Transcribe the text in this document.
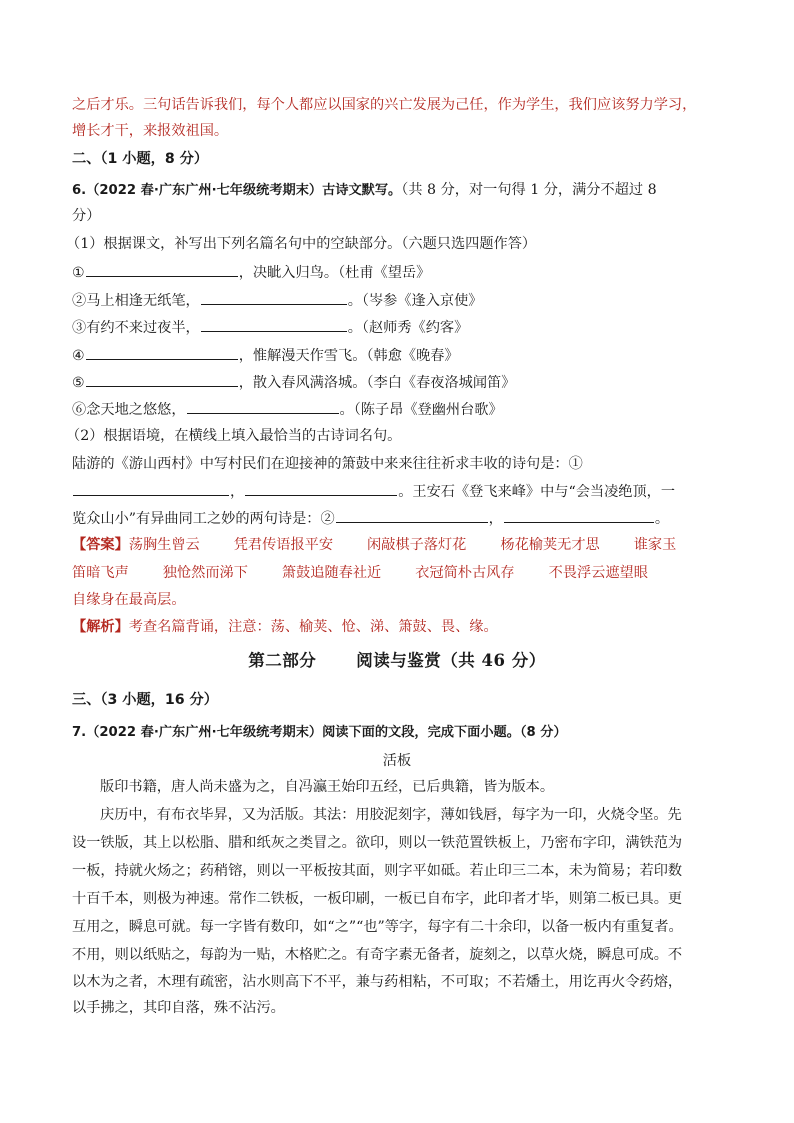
之后才乐。三句话告诉我们，每个人都应以国家的兴亡发展为己任，作为学生，我们应该努力学习，
增长才干，来报效祖国。
二、（1 小题，8 分）
6.（2022 春·广东广州·七年级统考期末）古诗文默写。（共 8 分，对一句得 1 分，满分不超过 8
分）
（1）根据课文，补写出下列名篇名句中的空缺部分。（六题只选四题作答）
①	，决眦入归鸟。（杜甫《望岳》
②马上相逢无纸笔，	。（岑参《逢入京使》
③有约不来过夜半，	。（赵师秀《约客》
④	，惟解漫天作雪飞。（韩愈《晚春》
⑤	，散入春风满洛城。（李白《春夜洛城闻笛》
⑥念天地之悠悠，	。（陈子昂《登幽州台歌》
（2）根据语境，在横线上填入最恰当的古诗词名句。
陆游的《游山西村》中写村民们在迎接神的箫鼓中来来往往祈求丰收的诗句是：①
，	。王安石《登飞来峰》中与“会当凌绝顶，一
览众山小”有异曲同工之妙的两句诗是：②	，	。
【答案】荡胸生曾云 凭君传语报平安 闲敲棋子落灯花 杨花榆荚无才思 谁家玉
笛暗飞声 独怆然而涕下 箫鼓追随春社近 衣冠简朴古风存 不畏浮云遮望眼
自缘身在最高层。
【解析】考查名篇背诵，注意：荡、榆荚、怆、涕、箫鼓、畏、缘。
第二部分 阅读与鉴赏（共 46 分）
三、（3 小题，16 分）
7.（2022 春·广东广州·七年级统考期末）阅读下面的文段，完成下面小题。（8 分）
活板
版印书籍，唐人尚未盛为之，自冯瀛王始印五经，已后典籍，皆为版本。
庆历中，有布衣毕昇，又为活版。其法：用胶泥刻字，薄如钱唇，每字为一印，火烧令坚。先
设一铁版，其上以松脂、腊和纸灰之类冒之。欲印，则以一铁范置铁板上，乃密布字印，满铁范为
一板，持就火炀之；药稍镕，则以一平板按其面，则字平如砥。若止印三二本，未为简易；若印数
十百千本，则极为神速。常作二铁板，一板印刷，一板已自布字，此印者才毕，则第二板已具。更
互用之，瞬息可就。每一字皆有数印，如“之”“也”等字，每字有二十余印，以备一板内有重复者。
不用，则以纸贴之，每韵为一贴，木格贮之。有奇字素无备者，旋刻之，以草火烧，瞬息可成。不
以木为之者，木理有疏密，沾水则高下不平，兼与药相粘，不可取；不若燔土，用讫再火令药熔，
以手拂之，其印自落，殊不沾污。
